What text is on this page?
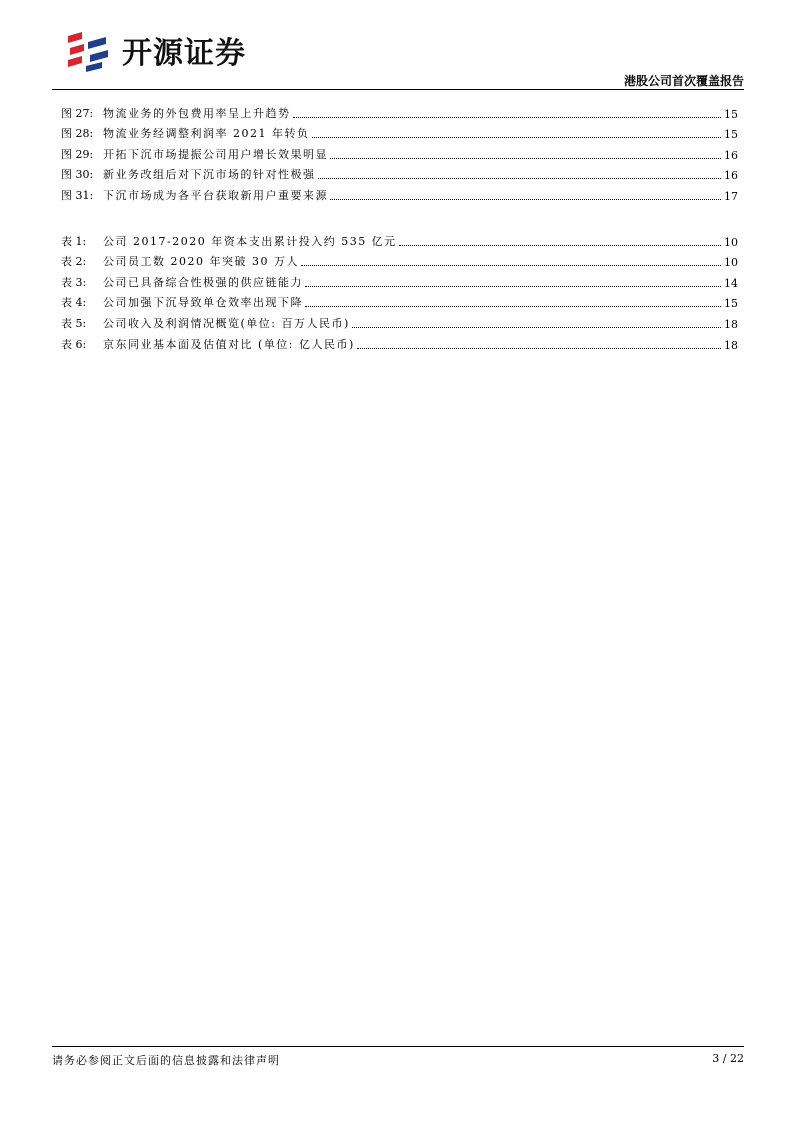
开源证券
港股公司首次覆盖报告
图 27: 物流业务的外包费用率呈上升趋势	15
图 28: 物流业务经调整利润率 2021 年转负	15
图 29: 开拓下沉市场提振公司用户增长效果明显	16
图 30: 新业务改组后对下沉市场的针对性极强	16
图 31: 下沉市场成为各平台获取新用户重要来源	17
表 1:	公司 2017-2020 年资本支出累计投入约 535 亿元	10
表 2:	公司员工数 2020 年突破 30 万人	10
表 3:	公司已具备综合性极强的供应链能力	14
表 4:	公司加强下沉导致单仓效率出现下降	15
表 5:	公司收入及利润情况概览(单位: 百万人民币)	18
表 6:	京东同业基本面及估值对比 (单位: 亿人民币)	18
请务必参阅正文后面的信息披露和法律声明	3 / 22
